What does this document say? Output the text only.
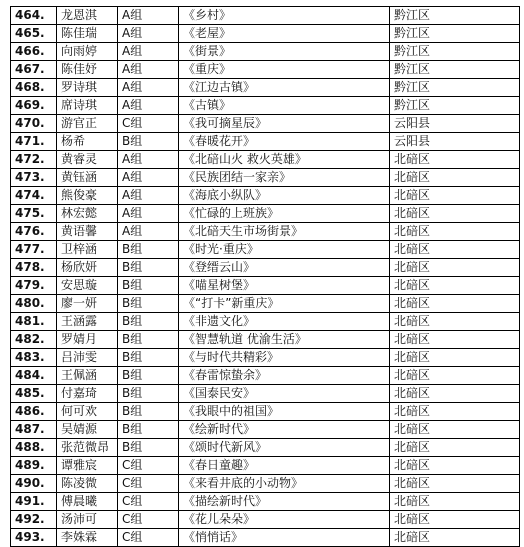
464.	龙恩淇	A组	《乡村》	黔江区
465.	陈佳瑞	A组	《老屋》	黔江区
466.	向雨婷	A组	《街景》	黔江区
467.	陈佳妤	A组	《重庆》	黔江区
468.	罗诗琪	A组	《江边古镇》	黔江区
469.	席诗琪	A组	《古镇》	黔江区
470.	游官正	C组	《我可摘星辰》	云阳县
471.	杨希	B组	《春暖花开》	云阳县
472.	黄睿灵	A组	《北碚山火 救火英雄》	北碚区
473.	黄钰涵	A组	《民族团结一家亲》	北碚区
474.	熊俊豪	A组	《海底小纵队》	北碚区
475.	林宏懿	A组	《忙碌的上班族》	北碚区
476.	黄语馨	A组	《北碚天生市场街景》	北碚区
477.	卫梓涵	B组	《时光·重庆》	北碚区
478.	杨欣妍	B组	《登缙云山》	北碚区
479.	安思璇	B组	《喵星树堡》	北碚区
480.	廖一妍	B组	《“打卡”新重庆》	北碚区
481.	王涵露	B组	《非遗文化》	北碚区
482.	罗婧月	B组	《智慧轨道 优渝生活》	北碚区
483.	吕沛雯	B组	《与时代共精彩》	北碚区
484.	王佩涵	B组	《春雷惊蛰余》	北碚区
485.	付嘉琦	B组	《国泰民安》	北碚区
486.	何可欢	B组	《我眼中的祖国》	北碚区
487.	吴婧源	B组	《绘新时代》	北碚区
488.	张范微昂	B组	《颂时代新风》	北碚区
489.	谭雅宸	C组	《春日童趣》	北碚区
490.	陈凌微	C组	《来看井底的小动物》	北碚区
491.	傅晨曦	C组	《描绘新时代》	北碚区
492.	汤沛可	C组	《花儿朵朵》	北碚区
493.	李姝霖	C组	《悄悄话》	北碚区
